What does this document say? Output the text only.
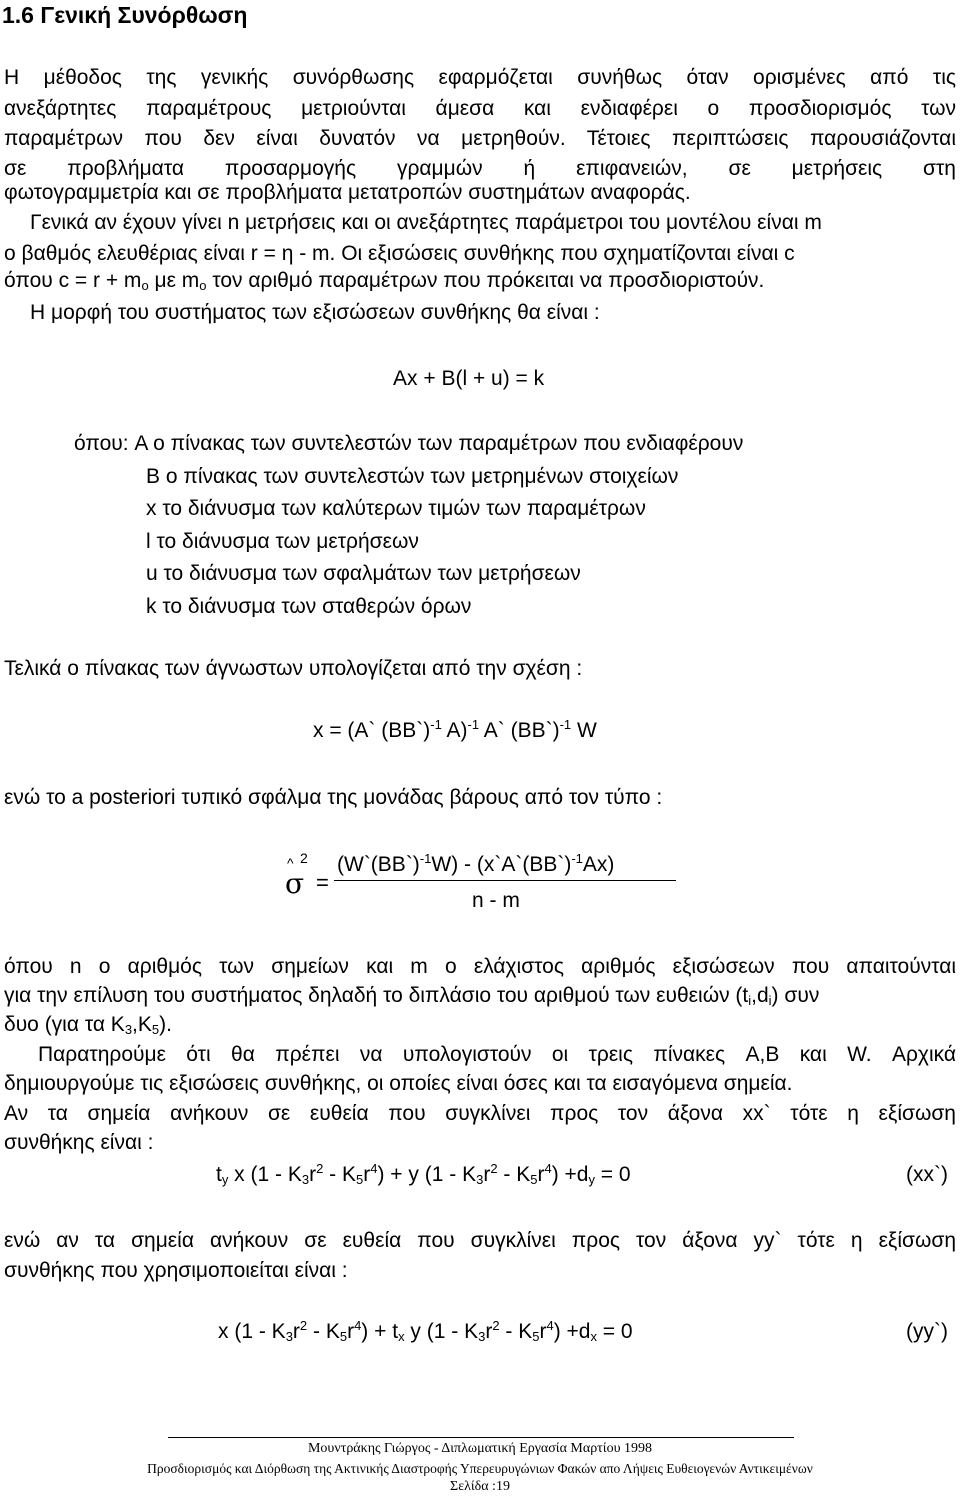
1.6 Γενική Συνόρθωση
Η μέθοδος της γενικής συνόρθωσης εφαρμόζεται συνήθως όταν ορισμένες από τις
ανεξάρτητες παραμέτρους μετριούνται άμεσα και ενδιαφέρει ο προσδιορισμός των
παραμέτρων που δεν είναι δυνατόν να μετρηθούν. Τέτοιες περιπτώσεις παρουσιάζονται
σε προβλήματα προσαρμογής γραμμών ή επιφανειών, σε μετρήσεις στη
φωτογραμμετρία και σε προβλήματα μετατροπών συστημάτων αναφοράς.
Γενικά αν έχουν γίνει n μετρήσεις και οι ανεξάρτητες παράμετροι του μοντέλου είναι m
ο βαθμός ελευθέριας είναι r = η - m. Οι εξισώσεις συνθήκης που σχηματίζονται είναι c
όπου $c = r + m_o$ με $m_o$ τον αριθμό παραμέτρων που πρόκειται να προσδιοριστούν.
Η μορφή του συστήματος των εξισώσεων συνθήκης θα είναι :
Ax + B(l + u) = k
όπου: A ο πίνακας των συντελεστών των παραμέτρων που ενδιαφέρουν
B ο πίνακας των συντελεστών των μετρημένων στοιχείων
x το διάνυσμα των καλύτερων τιμών των παραμέτρων
l το διάνυσμα των μετρήσεων
u το διάνυσμα των σφαλμάτων των μετρήσεων
k το διάνυσμα των σταθερών όρων
Τελικά ο πίνακας των άγνωστων υπολογίζεται από την σχέση :
x = (A` (BB`)$^{-1}$ A)$^{-1}$ A` (BB`)$^{-1}$ W
ενώ το a posteriori τυπικό σφάλμα της μονάδας βάρους από τον τύπο :
^ 2
σ =
(W`(BB`)$^{-1}$W) - (x`A`(BB`)$^{-1}$Ax)
n - m
όπου n ο αριθμός των σημείων και m ο ελάχιστος αριθμός εξισώσεων που απαιτούνται
για την επίλυση του συστήματος δηλαδή το διπλάσιο του αριθμού των ευθειών $(t_i,d_i)$ συν
δυο (για τα $K_3,K_5$).
Παρατηρούμε ότι θα πρέπει να υπολογιστούν οι τρεις πίνακες A,B και W. Αρχικά
δημιουργούμε τις εξισώσεις συνθήκης, οι οποίες είναι όσες και τα εισαγόμενα σημεία.
Αν τα σημεία ανήκουν σε ευθεία που συγκλίνει προς τον άξονα xx` τότε η εξίσωση
συνθήκης είναι :
$t_y$ x $(1 - K_3r^2 - K_5r^4) + y$ $(1 - K_3r^2 - K_5r^4) +d_y = 0$	(xx`)
ενώ αν τα σημεία ανήκουν σε ευθεία που συγκλίνει προς τον άξονα yy` τότε η εξίσωση
συνθήκης που χρησιμοποιείται είναι :
x $(1 - K_3r^2 - K_5r^4) + t_x$ y $(1 - K_3r^2 - K_5r^4) +d_x = 0$	(yy`)
Μουντράκης Γιώργος - Διπλωματική Εργασία Μαρτίου 1998
Προσδιορισμός και Διόρθωση της Ακτινικής Διαστροφής Υπερευρυγώνιων Φακών απο Λήψεις Ευθειογενών Αντικειμένων
Σελίδα :19
